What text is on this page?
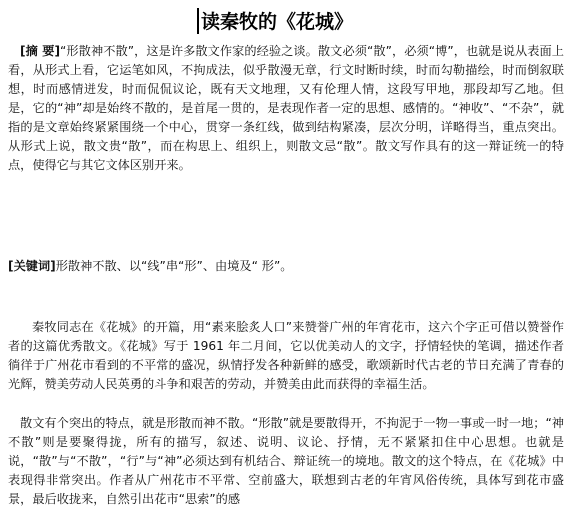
读秦牧的《花城》

[摘 要]“形散神不散”，这是许多散文作家的经验之谈。散文必须“散”，必须“博”，也就是说从表面上看，从形式上看，它运笔如风，不拘成法，似乎散漫无章，行文时断时续，时而勾勒描绘，时而倒叙联想，时而感情迸发，时而侃侃议论，既有天文地理，又有伦理人情，这段写甲地，那段却写乙地。但是，它的“神”却是始终不散的，是首尾一贯的，是表现作者一定的思想、感情的。“神收”、“不杂”，就指的是文章始终紧紧围绕一个中心，贯穿一条红线，做到结构紧凑，层次分明，详略得当，重点突出。从形式上说，散文贵“散”，而在构思上、组织上，则散文忌“散”。散文写作具有的这一辩证统一的特点，使得它与其它文体区别开来。

[关键词]形散神不散、以“线”串“形”、由境及“ 形”。

秦牧同志在《花城》的开篇，用“素来脍炙人口”来赞誉广州的年宵花市，这六个字正可借以赞誉作者的这篇优秀散文。《花城》写于 1961 年二月间，它以优美动人的文字，抒情轻快的笔调，描述作者徜徉于广州花市看到的不平常的盛况，纵情抒发各种新鲜的感受，歌颂新时代古老的节日充满了青春的光辉，赞美劳动人民英勇的斗争和艰苦的劳动，并赞美由此而获得的幸福生活。

散文有个突出的特点，就是形散而神不散。“形散”就是要散得开，不拘泥于一物一事或一时一地；“神不散”则是要聚得拢，所有的描写，叙述、说明、议论、抒情，无不紧紧扣住中心思想。也就是说，“散”与“不散”，“行”与“神”必须达到有机结合、辩证统一的境地。散文的这个特点，在《花城》中表现得非常突出。作者从广州花市不平常、空前盛大，联想到古老的年宵风俗传统，具体写到花市盛景，最后收拢来，自然引出花市“思索”的感
